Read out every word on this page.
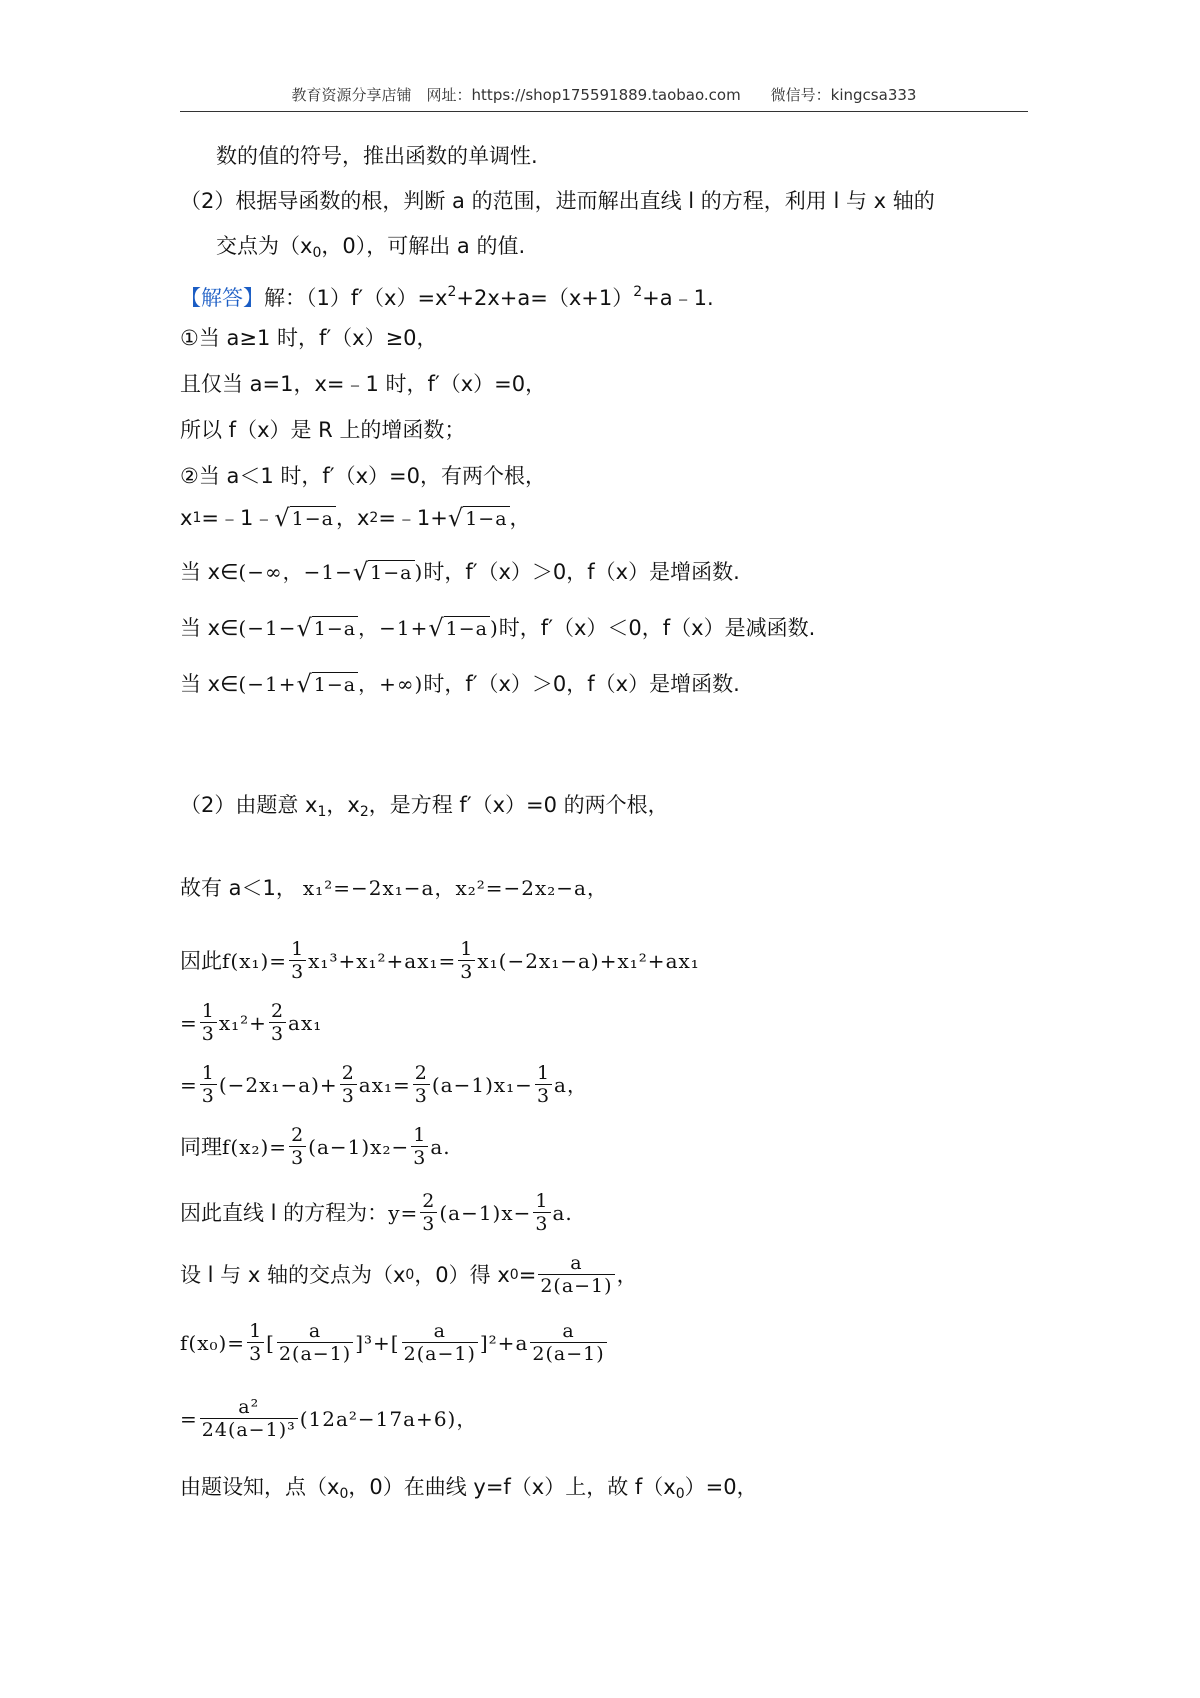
教育资源分享店铺　网址：https://shop175591889.taobao.com　　微信号：kingcsa333
数的值的符号，推出函数的单调性.
（2）根据导函数的根，判断 a 的范围，进而解出直线 l 的方程，利用 l 与 x 轴的
交点为（$x_0$，0），可解出 a 的值.
【解答】解：$(1)f'(x)=x^2+2x+a=(x+1)^2+a﹣1$.
①当 a≥1 时，f′（x）≥0，
且仅当 a=1，x=﹣1 时，f′（x）=0，
所以 f（x）是 R 上的增函数；
②当 a＜1 时，f′（x）=0，有两个根，
x 1 =﹣1﹣ √ 1−a ，x 2 =﹣1+ √ 1−a ，
当 x∈ (−∞，−1− √ 1−a ) 时，f′（x）＞0，f（x）是增函数.
当 x∈ (−1− √ 1−a ，−1+ √ 1−a ) 时，f′（x）＜0，f（x）是减函数.
当 x∈ (−1+ √ 1−a ，+∞) 时，f′（x）＞0，f（x）是增函数.
（2）由题意 $x_1$，$x_2$，是方程 f′（x）=0 的两个根，
故有 a＜1， x₁²=−2x₁−a，x₂²=−2x₂−a，
因此 $f(x_1)= \frac{1}{3} x_1^3+x_1^2+ax_1= \frac{1}{3} x_1(-2x_1-a)+x_1^2+ax_1$
= $\frac{1}{3} x_1^2+ \frac{2}{3} ax_1$
= $\frac{1}{3} (-2x_1-a)+ \frac{2}{3} ax_1= \frac{2}{3} (a-1)x_1- \frac{1}{3}$ a，
同理 $f(x_2)= \frac{2}{3} (a-1)x_2- \frac{1}{3} a$.
因此直线 l 的方程为： $y= \frac{2}{3} (a-1)x- \frac{1}{3} a$.
设 l 与 x 轴的交点为（x 0 ，0）得 x $0 = \frac{a}{2(a-1)}$ ，
$f(x_0)= \frac{1}{3}$ [ $\frac{a}{2(a-1)} ]^3+[ \frac{a}{2(a-1)} ]^2+a \frac{a}{2(a-1)}$
= $\frac{\text{a²}}{\text{24(a−1)³}} (12a^2-17a+6)$，
由题设知，点（$x_0$，0）在曲线 y=f（x）上，故 $f(x_0)=0$，
